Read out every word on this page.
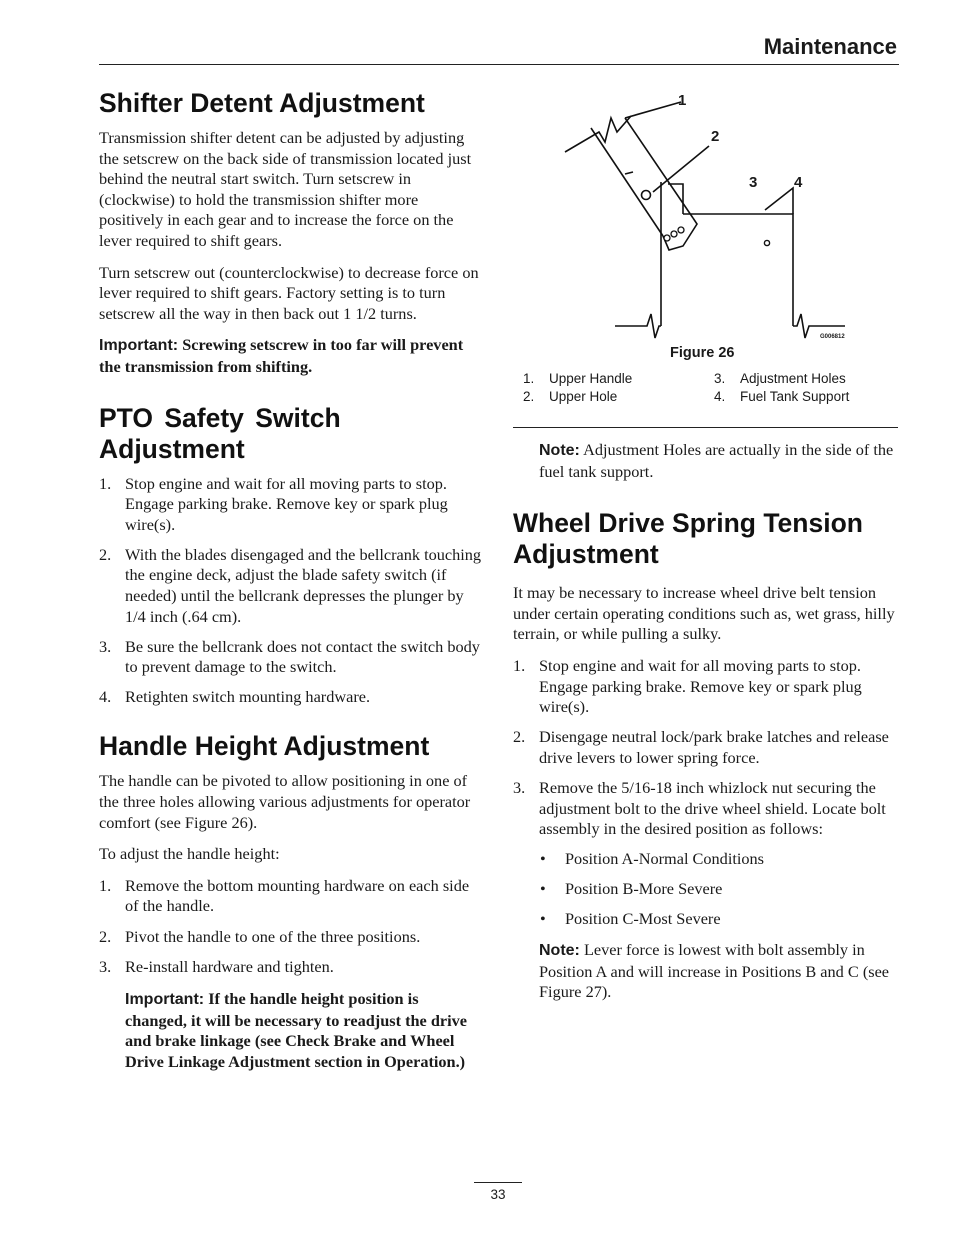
Maintenance
Shifter Detent Adjustment

Transmission shifter detent can be adjusted by adjusting the setscrew on the back side of transmission located just behind the neutral start switch. Turn setscrew in (clockwise) to hold the transmission shifter more positively in each gear and to increase the force on the lever required to shift gears.

Turn setscrew out (counterclockwise) to decrease force on lever required to shift gears. Factory setting is to turn setscrew all the way in then back out 1 1/2 turns.

Important: Screwing setscrew in too far will prevent the transmission from shifting.

PTO Safety Switch Adjustment
1. Stop engine and wait for all moving parts to stop. Engage parking brake. Remove key or spark plug wire(s).
2. With the blades disengaged and the bellcrank touching the engine deck, adjust the blade safety switch (if needed) until the bellcrank depresses the plunger by 1/4 inch (.64 cm).
3. Be sure the bellcrank does not contact the switch body to prevent damage to the switch.
4. Retighten switch mounting hardware.
Handle Height Adjustment

The handle can be pivoted to allow positioning in one of the three holes allowing various adjustments for operator comfort (see Figure 26).

To adjust the handle height:

1. Remove the bottom mounting hardware on each side of the handle.
2. Pivot the handle to one of the three positions.
3. Re-install hardware and tighten.

Important: If the handle height position is changed, it will be necessary to readjust the drive and brake linkage (see Check Brake and Wheel Drive Linkage Adjustment section in Operation.)

1
2
3 4
G006812
Figure 26
1. Upper Handle
2. Upper Hole
3. Adjustment Holes
4. Fuel Tank Support

Note: Adjustment Holes are actually in the side of the fuel tank support.

Wheel Drive Spring Tension Adjustment

It may be necessary to increase wheel drive belt tension under certain operating conditions such as, wet grass, hilly terrain, or while pulling a sulky.

1. Stop engine and wait for all moving parts to stop. Engage parking brake. Remove key or spark plug wire(s).
2. Disengage neutral lock/park brake latches and release drive levers to lower spring force.
3. Remove the 5/16-18 inch whizlock nut securing the adjustment bolt to the drive wheel shield. Locate bolt assembly in the desired position as follows:
• Position A-Normal Conditions
• Position B-More Severe
• Position C-Most Severe

Note: Lever force is lowest with bolt assembly in Position A and will increase in Positions B and C (see Figure 27).

33
